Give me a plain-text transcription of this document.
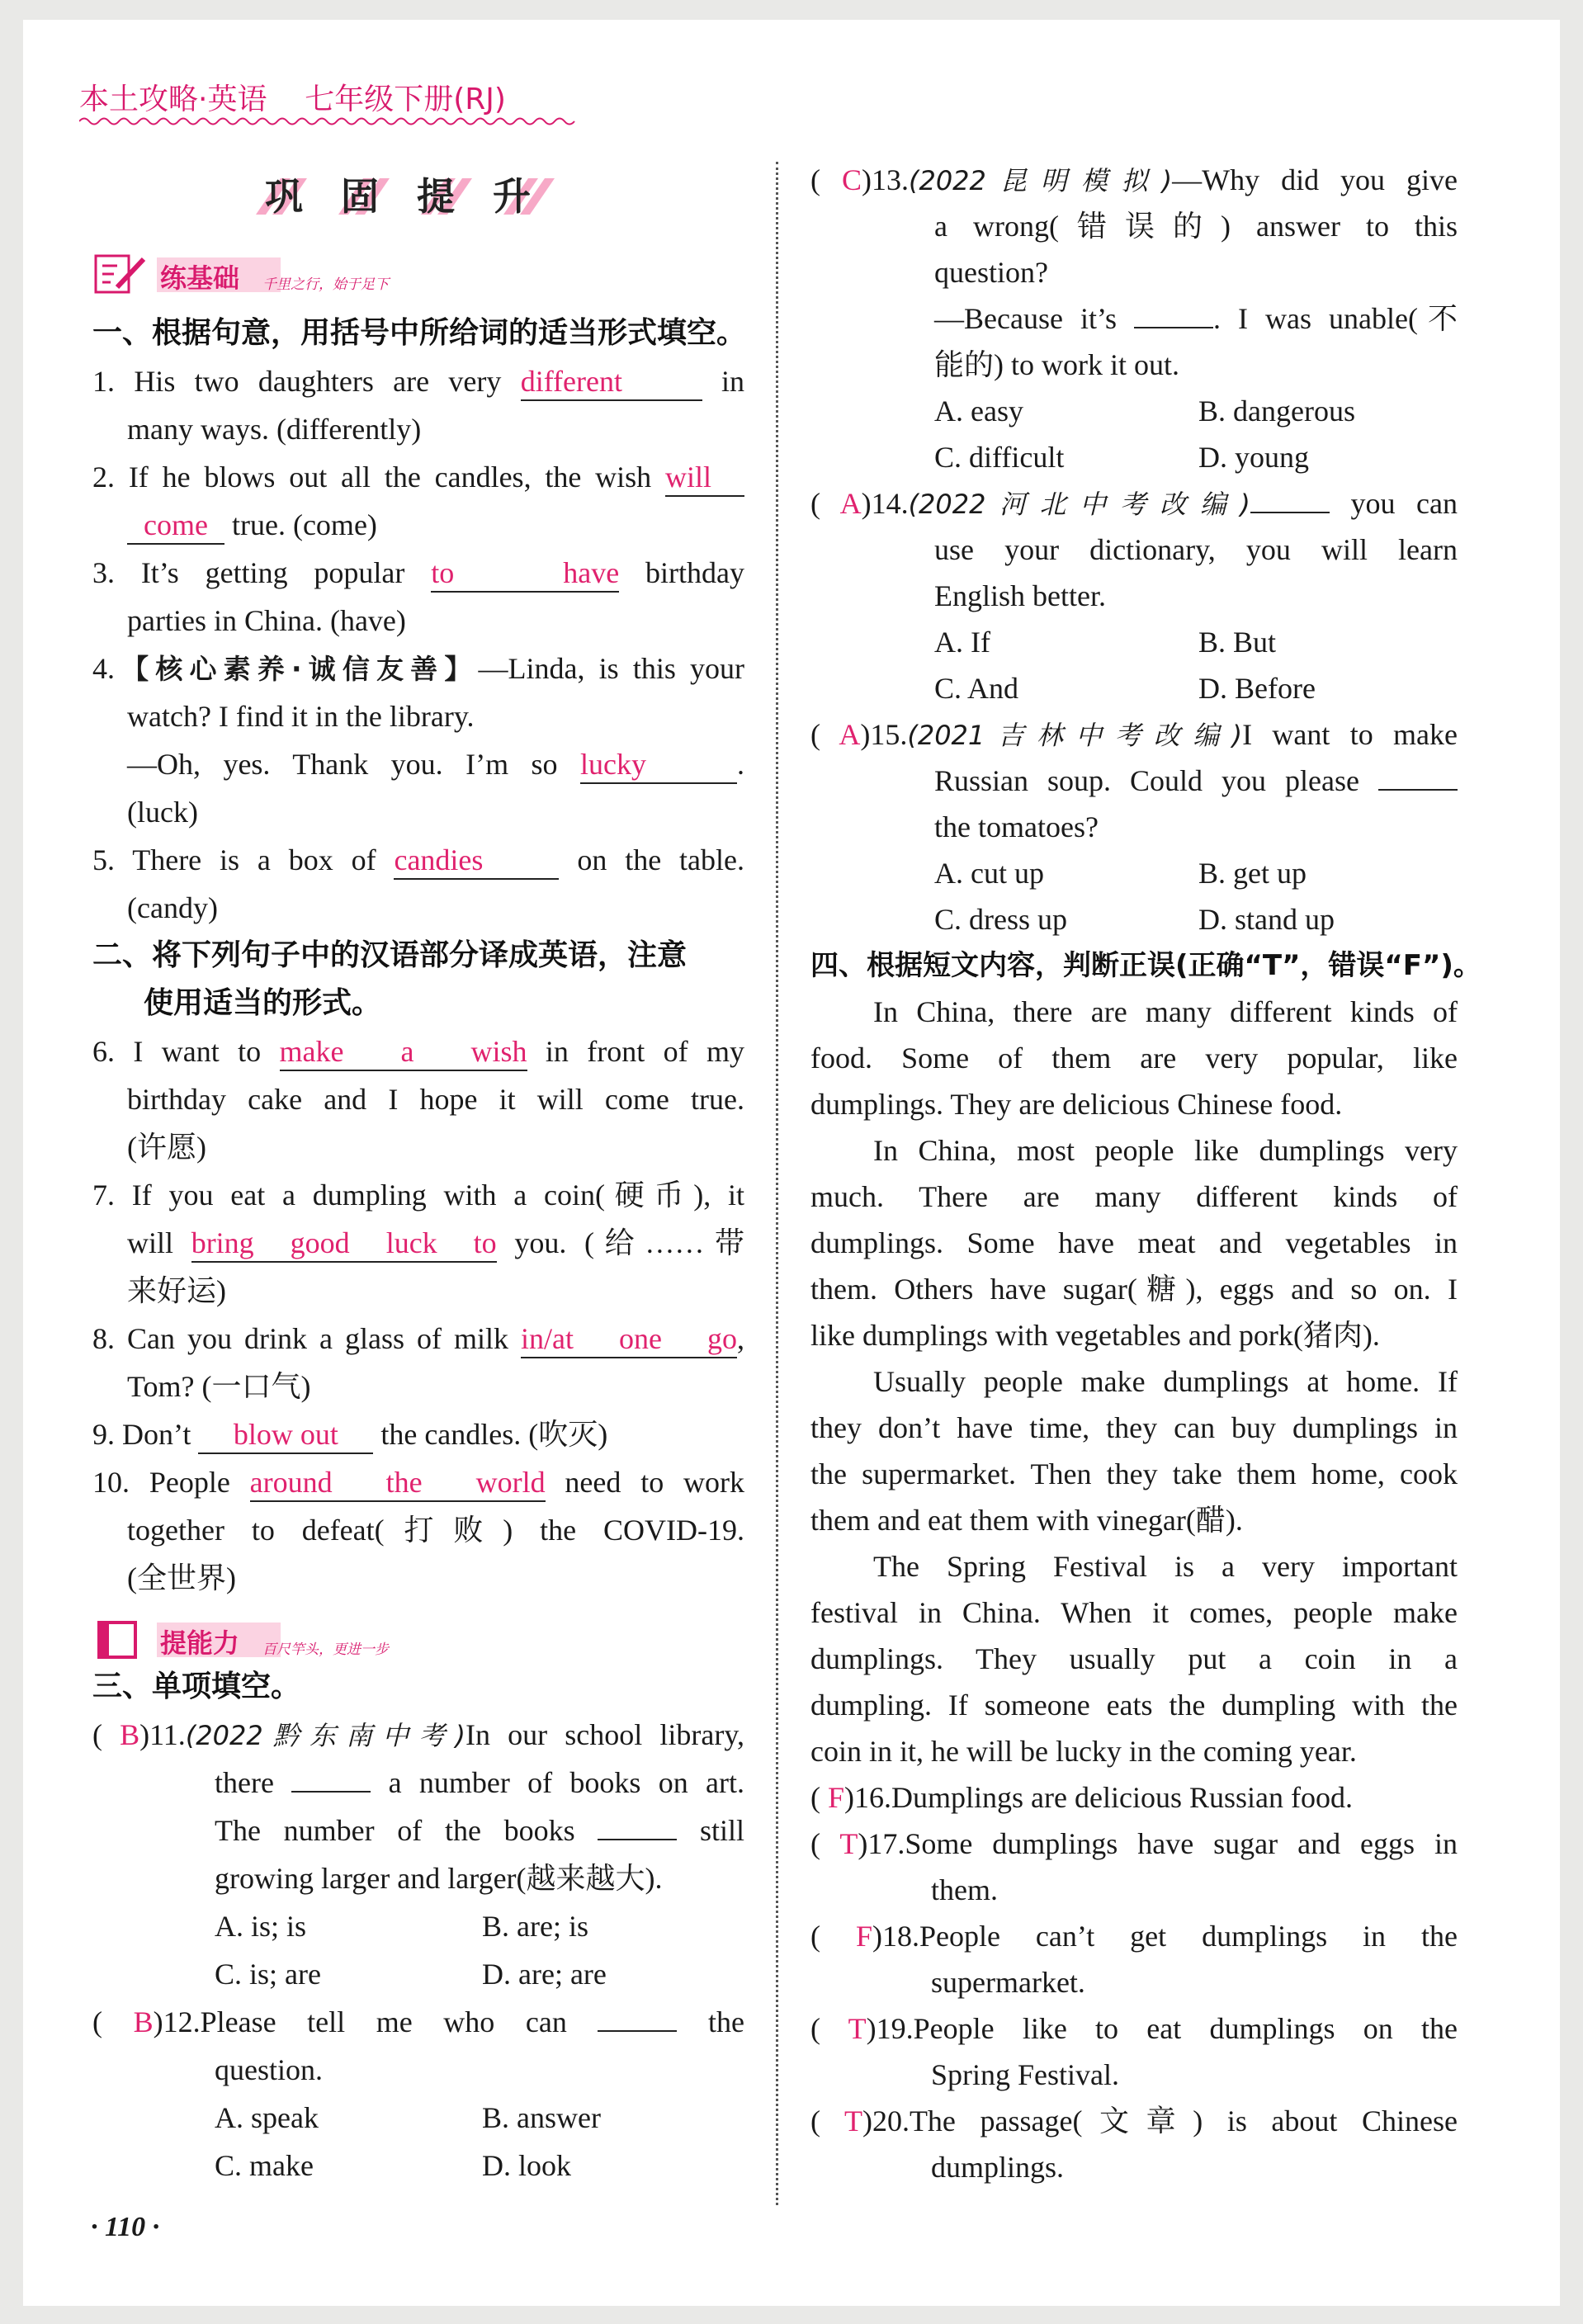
本土攻略·英语 七年级下册(RJ)
巩固提升
练基础 千里之行，始于足下
一、根据句意，用括号中所给词的适当形式填空。
1. His two daughters are very different	in
many ways. (differently)
2. If he blows out all the candles, the wish will
come true. (come)
3. It’s getting popular to have birthday
parties in China. (have)
4.【核心素养·诚信友善】—Linda, is this your
watch? I find it in the library.
—Oh, yes. Thank you. I’m so lucky	.
(luck)
5. There is a box of candies	on the table.
(candy)
二、将下列句子中的汉语部分译成英语，注意
使用适当的形式。
6. I want to make a wish in front of my
birthday cake and I hope it will come true.
(许愿)
7. If you eat a dumpling with a coin(硬币), it
will bring good luck to you. (给……带
来好运)
8. Can you drink a glass of milk in/at one go,
Tom? (一口气)
9. Don’t blow out the candles. (吹灭)
10. People around the world need to work
together to defeat(打败) the COVID-19.
(全世界)
提能力 百尺竿头，更进一步
三、单项填空。
( B)11.(2022黔东南中考)In our school library,
there	a number of books on art.
The number of the books	still
growing larger and larger(越来越大).
A. is; is	B. are; is
C. is; are	D. are; are
( B)12.Please tell me who can	the
question.
A. speak	B. answer
C. make	D. look
( C)13.(2022昆明模拟)—Why did you give
a wrong(错误的) answer to this
question?
—Because it’s	. I was unable(不
能的) to work it out.
A. easy	B. dangerous
C. difficult	D. young
( A)14.(2022河北中考改编)	you can
use your dictionary, you will learn
English better.
A. If	B. But
C. And	D. Before
( A)15.(2021吉林中考改编)I want to make
Russian soup. Could you please
the tomatoes?
A. cut up	B. get up
C. dress up	D. stand up
四、根据短文内容，判断正误(正确“T”，错误“F”)。
In China, there are many different kinds of
food. Some of them are very popular, like
dumplings. They are delicious Chinese food.
In China, most people like dumplings very
much. There are many different kinds of
dumplings. Some have meat and vegetables in
them. Others have sugar(糖), eggs and so on. I
like dumplings with vegetables and pork(猪肉).
Usually people make dumplings at home. If
they don’t have time, they can buy dumplings in
the supermarket. Then they take them home, cook
them and eat them with vinegar(醋).
The Spring Festival is a very important
festival in China. When it comes, people make
dumplings. They usually put a coin in a
dumpling. If someone eats the dumpling with the
coin in it, he will be lucky in the coming year.
( F)16.Dumplings are delicious Russian food.
( T)17.Some dumplings have sugar and eggs in
them.
( F)18.People can’t get dumplings in the
supermarket.
( T)19.People like to eat dumplings on the
Spring Festival.
( T)20.The passage(文章) is about Chinese
dumplings.
· 110 ·
